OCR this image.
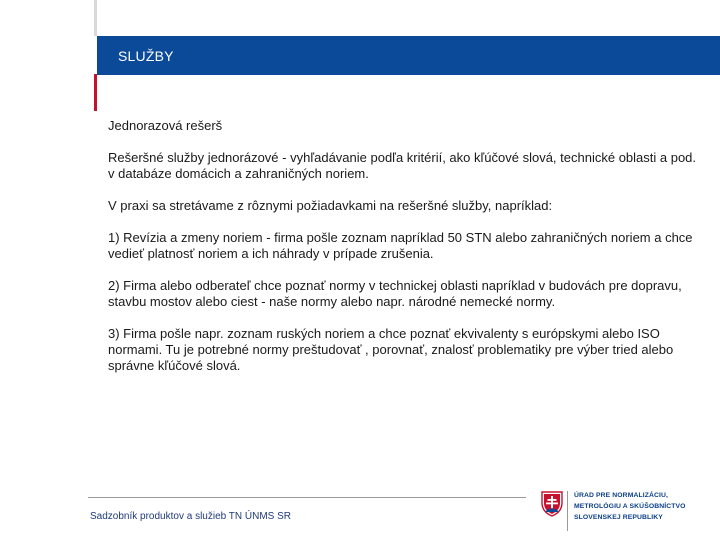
SLUŽBY

Jednorazová rešerš

Rešeršné služby jednorázové - vyhľadávanie podľa kritérií, ako kľúčové slová, technické oblasti a pod. v databáze domácich a zahraničných noriem.

V praxi sa stretávame z rôznymi požiadavkami na rešeršné služby, napríklad:

1) Revízia a zmeny noriem - firma pošle zoznam napríklad 50 STN alebo zahraničných noriem a chce vedieť platnosť noriem a ich náhrady v prípade zrušenia.

2) Firma alebo odberateľ chce poznať normy v technickej oblasti napríklad v budovách pre dopravu, stavbu mostov alebo ciest - naše normy alebo napr. národné nemecké normy.

3) Firma pošle napr. zoznam ruských noriem a chce poznať ekvivalenty s európskymi alebo ISO normami. Tu je potrebné normy preštudovať , porovnať, znalosť problematiky pre výber tried alebo správne kľúčové slová.

Sadzobník produktov a služieb TN ÚNMS SR
ÚRAD PRE NORMALIZÁCIU,
METROLÓGIU A SKÚŠOBNÍCTVO
SLOVENSKEJ REPUBLIKY
